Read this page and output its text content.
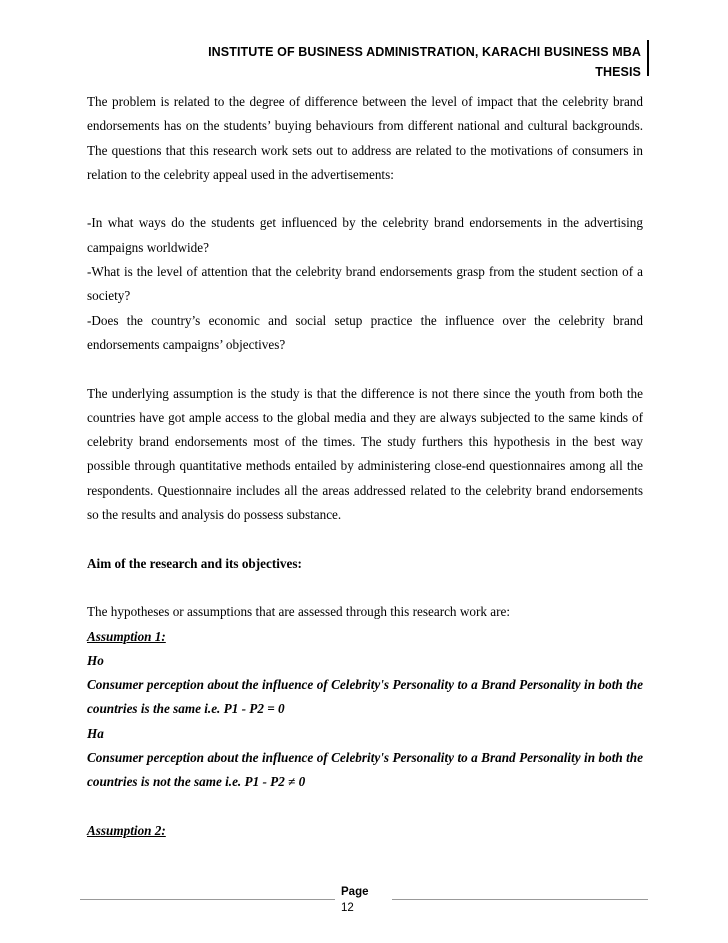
INSTITUTE OF BUSINESS ADMINISTRATION, KARACHI BUSINESS MBA
THESIS

The problem is related to the degree of difference between the level of impact that the celebrity brand endorsements has on the students’ buying behaviours from different national and cultural backgrounds. The questions that this research work sets out to address are related to the motivations of consumers in relation to the celebrity appeal used in the advertisements:

-In what ways do the students get influenced by the celebrity brand endorsements in the advertising campaigns worldwide?

-What is the level of attention that the celebrity brand endorsements grasp from the student section of a society?

-Does the country’s economic and social setup practice the influence over the celebrity brand endorsements campaigns’ objectives?

The underlying assumption is the study is that the difference is not there since the youth from both the countries have got ample access to the global media and they are always subjected to the same kinds of celebrity brand endorsements most of the times. The study furthers this hypothesis in the best way possible through quantitative methods entailed by administering close-end questionnaires among all the respondents. Questionnaire includes all the areas addressed related to the celebrity brand endorsements so the results and analysis do possess substance.

Aim of the research and its objectives:

The hypotheses or assumptions that are assessed through this research work are:

Assumption 1:

Ho

Consumer perception about the influence of Celebrity's Personality to a Brand Personality in both the countries is the same i.e. P1 - P2 = 0

Ha

Consumer perception about the influence of Celebrity's Personality to a Brand Personality in both the countries is not the same i.e. P1 - P2 ≠ 0

Assumption 2:

Page
12
